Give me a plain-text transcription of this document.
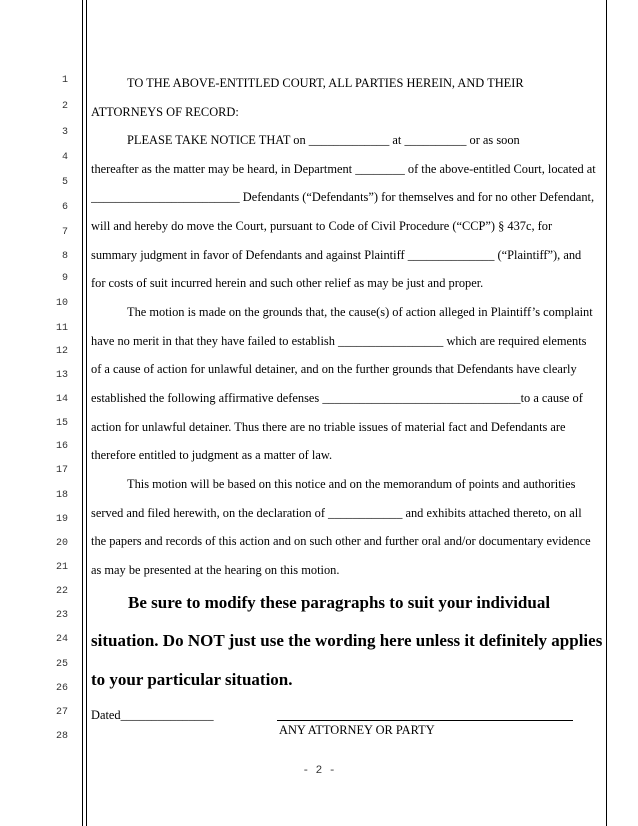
1
2
3
4
5
6
7
8
9
10
11
12
13
14
15
16
17
18
19
20
21
22
23
24
25
26
27
28
TO THE ABOVE-ENTITLED COURT, ALL PARTIES HEREIN, AND THEIR
ATTORNEYS OF RECORD:
PLEASE TAKE NOTICE THAT on _____________ at __________ or as soon
thereafter as the matter may be heard, in Department ________ of the above-entitled Court, located at
________________________ Defendants (“Defendants”) for themselves and for no other Defendant,
will and hereby do move the Court, pursuant to Code of Civil Procedure (“CCP”) § 437c, for
summary judgment in favor of Defendants and against Plaintiff ______________ (“Plaintiff”), and
for costs of suit incurred herein and such other relief as may be just and proper.
The motion is made on the grounds that, the cause(s) of action alleged in Plaintiff’s complaint
have no merit in that they have failed to establish _________________ which are required elements
of a cause of action for unlawful detainer, and on the further grounds that Defendants have clearly
established the following affirmative defenses ________________________________to a cause of
action for unlawful detainer. Thus there are no triable issues of material fact and Defendants are
therefore entitled to judgment as a matter of law.
This motion will be based on this notice and on the memorandum of points and authorities
served and filed herewith, on the declaration of ____________ and exhibits attached thereto, on all
the papers and records of this action and on such other and further oral and/or documentary evidence
as may be presented at the hearing on this motion.
Be sure to modify these paragraphs to suit your individual
situation. Do NOT just use the wording here unless it definitely applies
to your particular situation.
Dated_______________
ANY ATTORNEY OR PARTY
- 2 -
